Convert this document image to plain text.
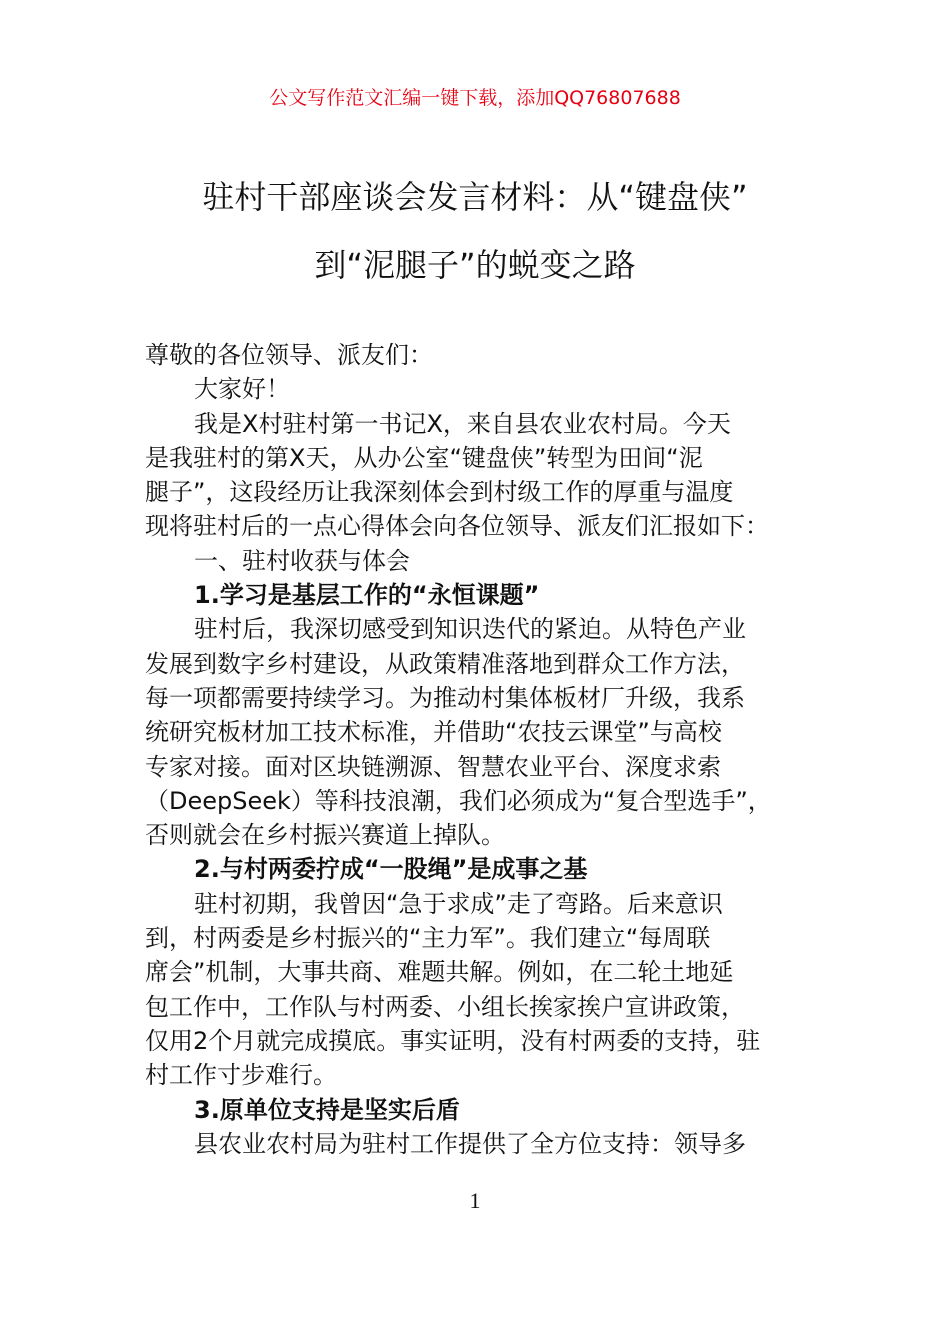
公文写作范文汇编一键下载，添加QQ76807688
驻村干部座谈会发言材料：从“键盘侠”
到“泥腿子”的蜕变之路
尊敬的各位领导、派友们：
大家好！
我是X村驻村第一书记X，来自县农业农村局。今天
是我驻村的第X天，从办公室“键盘侠”转型为田间“泥
腿子”，这段经历让我深刻体会到村级工作的厚重与温度
现将驻村后的一点心得体会向各位领导、派友们汇报如下：
一、驻村收获与体会
1.学习是基层工作的“永恒课题”
驻村后，我深切感受到知识迭代的紧迫。从特色产业
发展到数字乡村建设，从政策精准落地到群众工作方法，
每一项都需要持续学习。为推动村集体板材厂升级，我系
统研究板材加工技术标准，并借助“农技云课堂”与高校
专家对接。面对区块链溯源、智慧农业平台、深度求索
（DeepSeek）等科技浪潮，我们必须成为“复合型选手”，
否则就会在乡村振兴赛道上掉队。
2.与村两委拧成“一股绳”是成事之基
驻村初期，我曾因“急于求成”走了弯路。后来意识
到，村两委是乡村振兴的“主力军”。我们建立“每周联
席会”机制，大事共商、难题共解。例如，在二轮土地延
包工作中，工作队与村两委、小组长挨家挨户宣讲政策，
仅用2个月就完成摸底。事实证明，没有村两委的支持，驻
村工作寸步难行。
3.原单位支持是坚实后盾
县农业农村局为驻村工作提供了全方位支持：领导多
1
